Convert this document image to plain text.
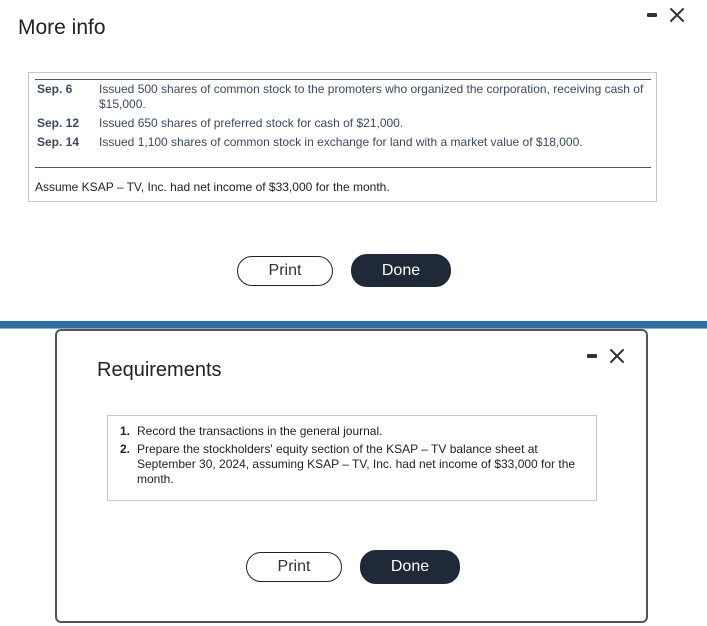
More info
Sep. 6	Issued 500 shares of common stock to the promoters who organized the corporation, receiving cash of $15,000.
Sep. 12	Issued 650 shares of preferred stock for cash of $21,000.
Sep. 14	Issued 1,100 shares of common stock in exchange for land with a market value of $18,000.
Assume KSAP – TV, Inc. had net income of $33,000 for the month.
Print	Done
Requirements
1. Record the transactions in the general journal.
2. Prepare the stockholders' equity section of the KSAP – TV balance sheet at September 30, 2024, assuming KSAP – TV, Inc. had net income of $33,000 for the month.
Print	Done
